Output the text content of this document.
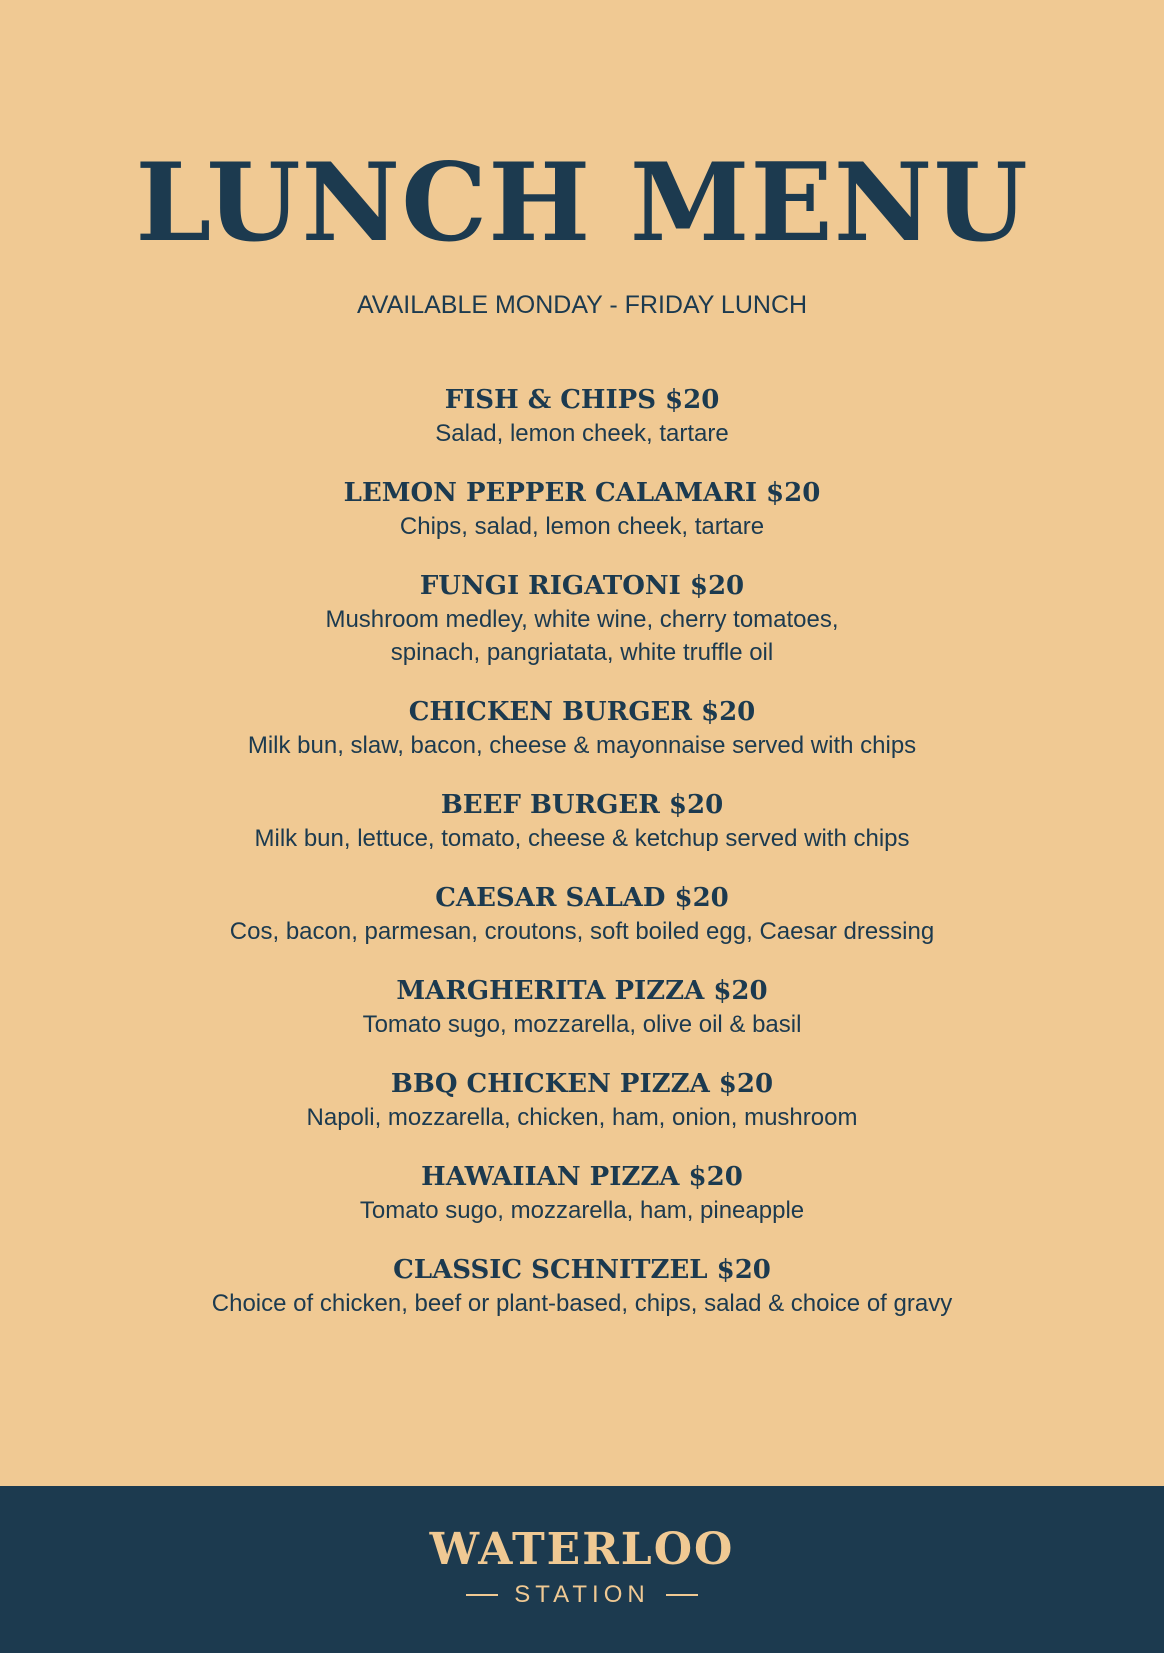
LUNCH MENU
AVAILABLE MONDAY - FRIDAY LUNCH
FISH & CHIPS $20
Salad, lemon cheek, tartare
LEMON PEPPER CALAMARI $20
Chips, salad, lemon cheek, tartare
FUNGI RIGATONI $20
Mushroom medley, white wine, cherry tomatoes,
spinach, pangriatata, white truffle oil
CHICKEN BURGER $20
Milk bun, slaw, bacon, cheese & mayonnaise served with chips
BEEF BURGER $20
Milk bun, lettuce, tomato, cheese & ketchup served with chips
CAESAR SALAD $20
Cos, bacon, parmesan, croutons, soft boiled egg, Caesar dressing
MARGHERITA PIZZA $20
Tomato sugo, mozzarella, olive oil & basil
BBQ CHICKEN PIZZA $20
Napoli, mozzarella, chicken, ham, onion, mushroom
HAWAIIAN PIZZA $20
Tomato sugo, mozzarella, ham, pineapple
CLASSIC SCHNITZEL $20
Choice of chicken, beef or plant-based, chips, salad & choice of gravy
WATERLOO
STATION
